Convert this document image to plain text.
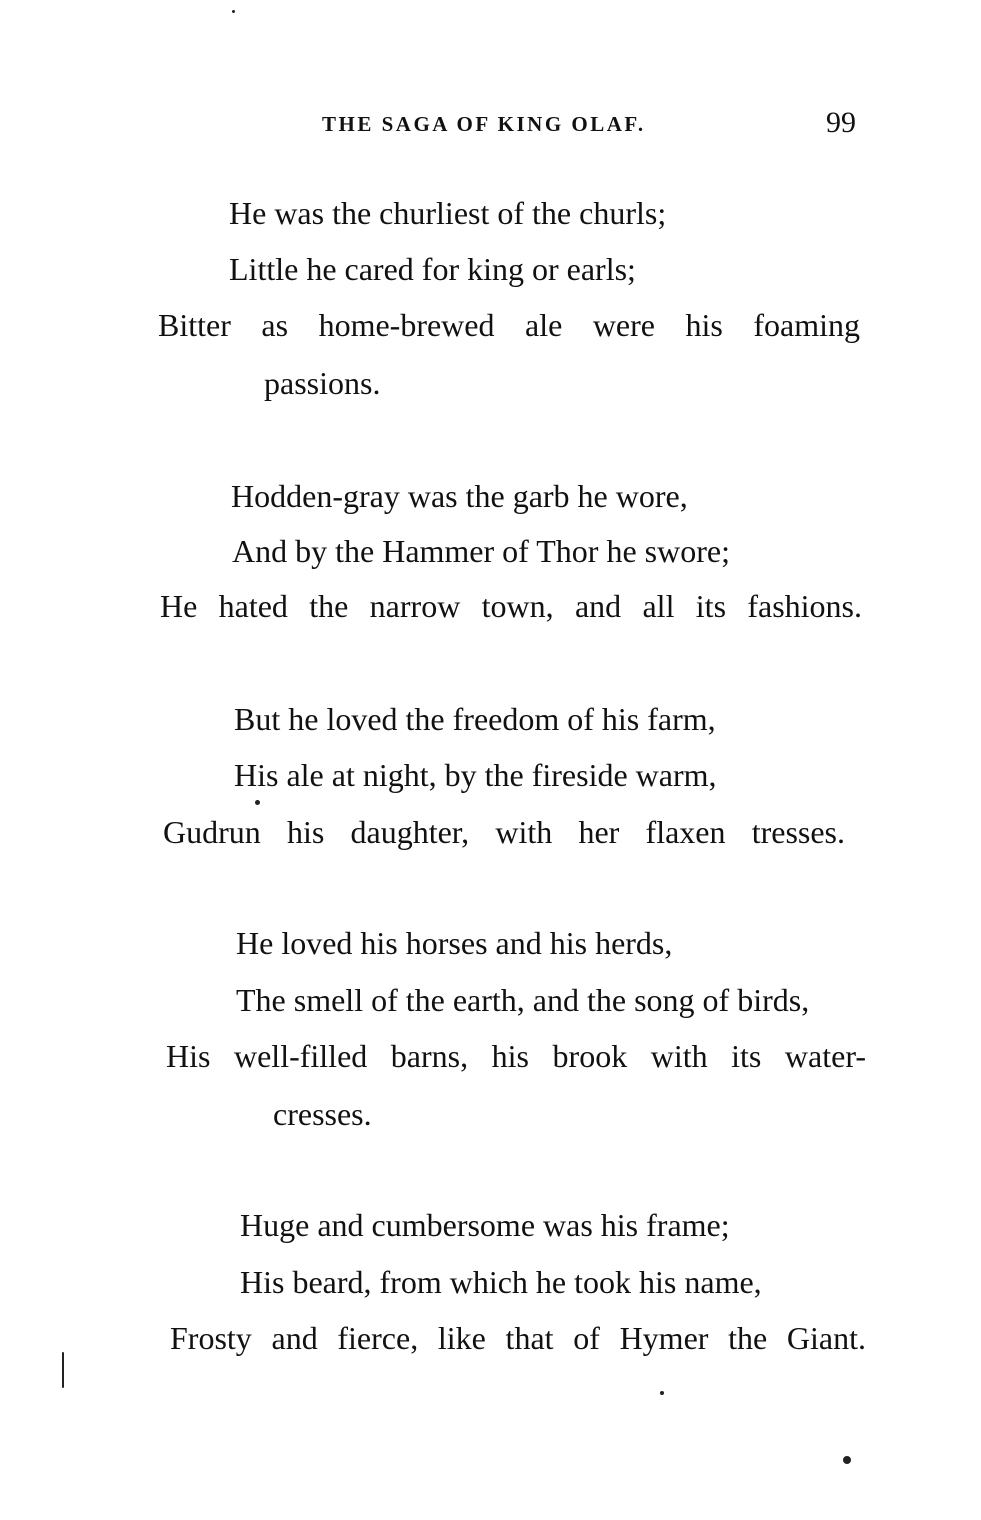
THE SAGA OF KING OLAF.	99
He was the churliest of the churls;
Little he cared for king or earls;
Bitter as home-brewed ale were his foaming
passions.
Hodden-gray was the garb he wore,
And by the Hammer of Thor he swore;
He hated the narrow town, and all its fashions.
But he loved the freedom of his farm,
His ale at night, by the fireside warm,
Gudrun his daughter, with her flaxen tresses.
He loved his horses and his herds,
The smell of the earth, and the song of birds,
His well-filled barns, his brook with its water-
cresses.
Huge and cumbersome was his frame;
His beard, from which he took his name,
Frosty and fierce, like that of Hymer the Giant.
